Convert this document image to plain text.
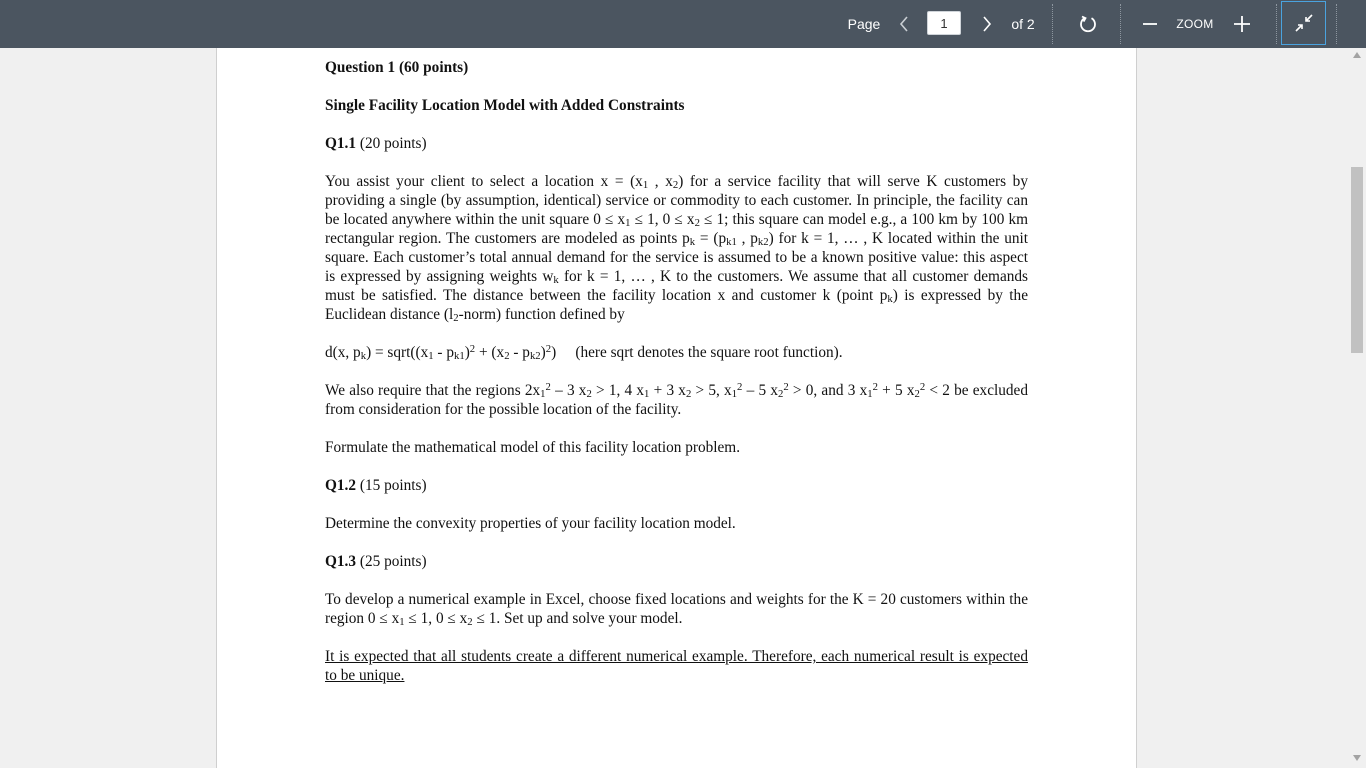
Page
1	of 2	ZOOM

Question 1 (60 points)

Single Facility Location Model with Added Constraints

Q1.1 (20 points)

You assist your client to select a location $x = (x_1$ , $x_2$) for a service facility that will serve K customers by providing a single (by assumption, identical) service or commodity to each customer. In principle, the facility can be located anywhere within the unit square $0 \le x_1 \le 1$, $0 \le x_2 \le 1$; this square can model e.g., a 100 km by 100 km rectangular region. The customers are modeled as points $p_k = (p_{k1}$ , $p_{k2}$) for k = 1, … , K located within the unit square. Each customer’s total annual demand for the service is assumed to be a known positive value: this aspect is expressed by assigning weights $w_k$ for k = 1, … , K to the customers. We assume that all customer demands must be satisfied. The distance between the facility location x and customer k (point $p_k$) is expressed by the Euclidean distance $(l_2-norm)$ function defined by

d(x, $p_k$) = $sqrt((x_1 - p_{k1})^2 + (x_2 - p_{k2})^2)$ (here sqrt denotes the square root function).

We also require that the regions $2x_1^2 - 3$ $x_2 > 1$, 4 $x_1 + 3$ $x_2 > 5$, $x_1^2 - 5$ $x_2^2 > 0$, and 3 $x_1^2 + 5$ $x_2^2 < 2$ be excluded from consideration for the possible location of the facility.

Formulate the mathematical model of this facility location problem.

Q1.2 (15 points)

Determine the convexity properties of your facility location model.

Q1.3 (25 points)

To develop a numerical example in Excel, choose fixed locations and weights for the K = 20 customers within the region $0 \le x_1 \le 1$, $0 \le x_2 \le 1$. Set up and solve your model.

It is expected that all students create a different numerical example. Therefore, each numerical result is expected to be unique.
